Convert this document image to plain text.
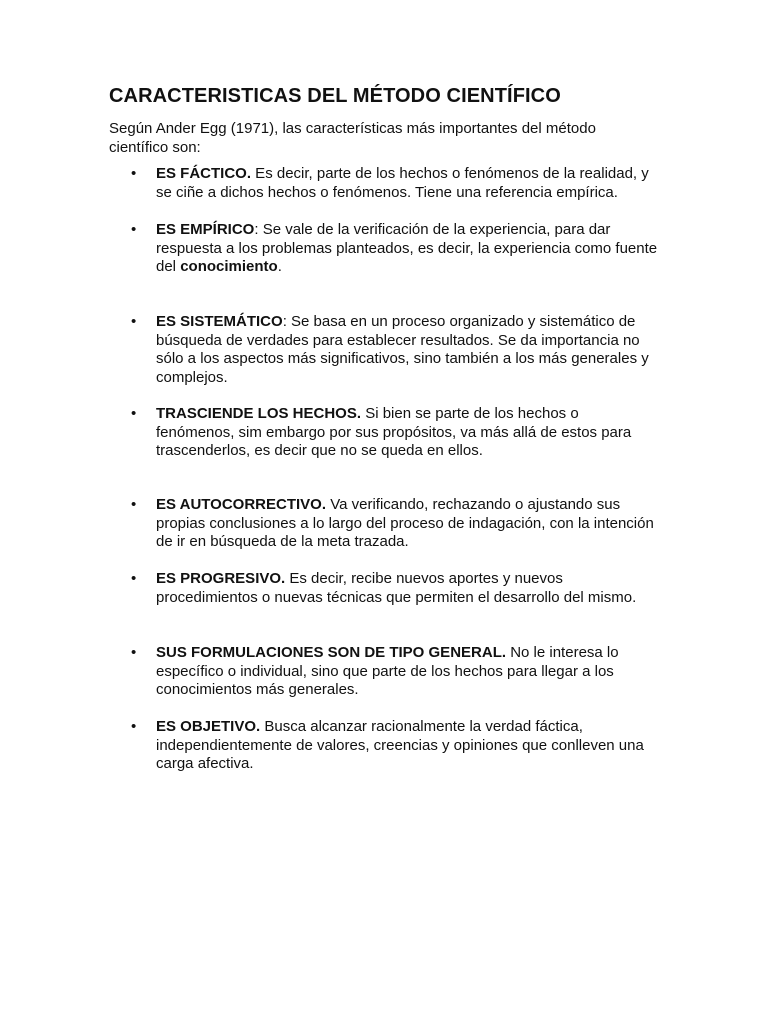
CARACTERISTICAS DEL MÉTODO CIENTÍFICO

Según Ander Egg (1971), las características más importantes del método científico son:

•	ES FÁCTICO. Es decir, parte de los hechos o fenómenos de la realidad, y se ciñe a dichos hechos o fenómenos. Tiene una referencia empírica.

•	ES EMPÍRICO: Se vale de la verificación de la experiencia, para dar respuesta a los problemas planteados, es decir, la experiencia como fuente del conocimiento.

•	ES SISTEMÁTICO: Se basa en un proceso organizado y sistemático de búsqueda de verdades para establecer resultados. Se da importancia no sólo a los aspectos más significativos, sino también a los más generales y complejos.

•	TRASCIENDE LOS HECHOS. Si bien se parte de los hechos o fenómenos, sim embargo por sus propósitos, va más allá de estos para trascenderlos, es decir que no se queda en ellos.

•	ES AUTOCORRECTIVO. Va verificando, rechazando o ajustando sus propias conclusiones a lo largo del proceso de indagación, con la intención de ir en búsqueda de la meta trazada.

•	ES PROGRESIVO. Es decir, recibe nuevos aportes y nuevos procedimientos o nuevas técnicas que permiten el desarrollo del mismo.

•	SUS FORMULACIONES SON DE TIPO GENERAL. No le interesa lo específico o individual, sino que parte de los hechos para llegar a los conocimientos más generales.

•	ES OBJETIVO. Busca alcanzar racionalmente la verdad fáctica, independientemente de valores, creencias y opiniones que conlleven una carga afectiva.
